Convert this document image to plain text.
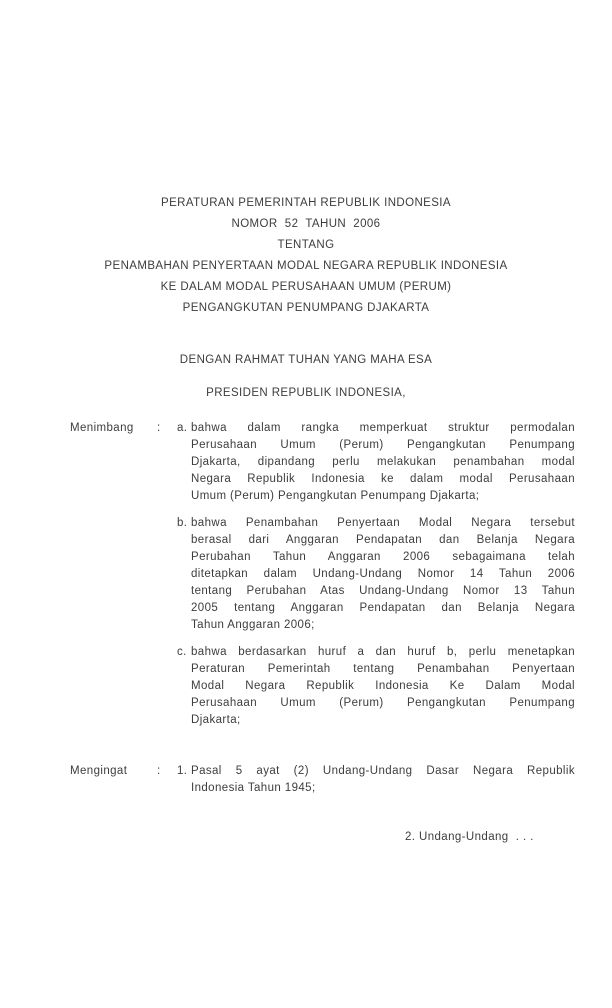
PERATURAN PEMERINTAH REPUBLIK INDONESIA
NOMOR  52  TAHUN  2006
TENTANG
PENAMBAHAN PENYERTAAN MODAL NEGARA REPUBLIK INDONESIA
KE DALAM MODAL PERUSAHAAN UMUM (PERUM)
PENGANGKUTAN PENUMPANG DJAKARTA
DENGAN RAHMAT TUHAN YANG MAHA ESA
PRESIDEN REPUBLIK INDONESIA,
Menimbang : a. bahwa dalam rangka memperkuat struktur permodalan
Perusahaan Umum (Perum) Pengangkutan Penumpang
Djakarta, dipandang perlu melakukan penambahan modal
Negara Republik Indonesia ke dalam modal Perusahaan
Umum (Perum) Pengangkutan Penumpang Djakarta;
b. bahwa Penambahan Penyertaan Modal Negara tersebut
berasal dari Anggaran Pendapatan dan Belanja Negara
Perubahan Tahun Anggaran 2006 sebagaimana telah
ditetapkan dalam Undang-Undang Nomor 14 Tahun 2006
tentang Perubahan Atas Undang-Undang Nomor 13 Tahun
2005 tentang Anggaran Pendapatan dan Belanja Negara
Tahun Anggaran 2006;
c. bahwa berdasarkan huruf a dan huruf b, perlu menetapkan
Peraturan Pemerintah tentang Penambahan Penyertaan
Modal Negara Republik Indonesia Ke Dalam Modal
Perusahaan Umum (Perum) Pengangkutan Penumpang
Djakarta;
Mengingat	: 1. Pasal 5 ayat (2) Undang-Undang Dasar Negara Republik
Indonesia Tahun 1945;
2. Undang-Undang  . . .
